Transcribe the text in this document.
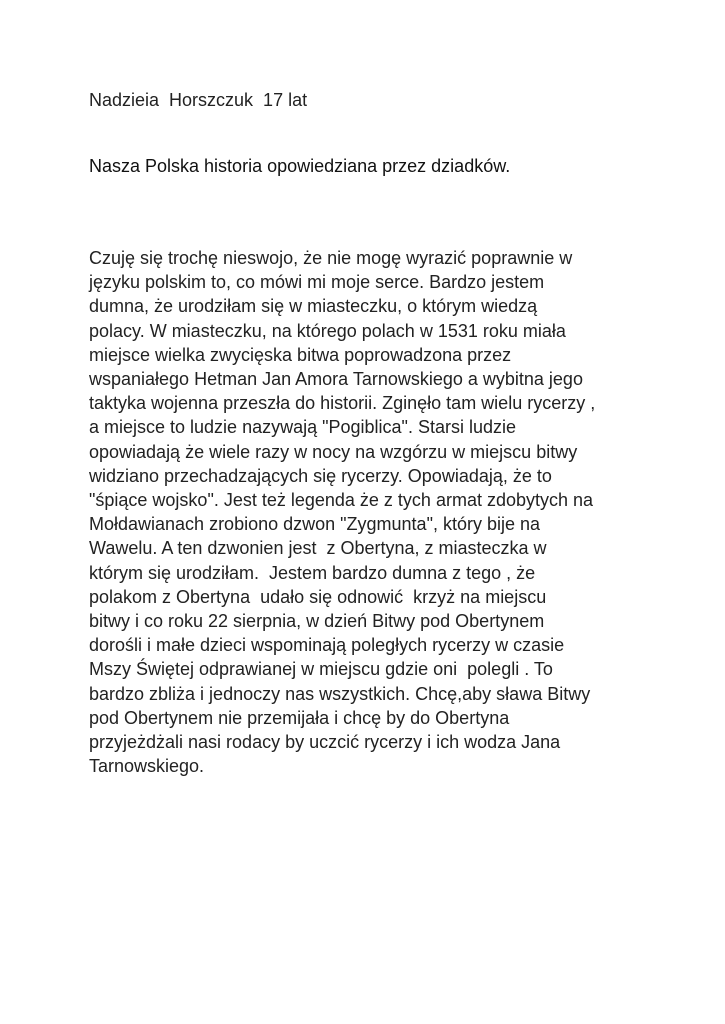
Nadzieia  Horszczuk  17 lat
Nasza Polska historia opowiedziana przez dziadków.
Czuję się trochę nieswojo, że nie mogę wyrazić poprawnie w
języku polskim to, co mówi mi moje serce. Bardzo jestem
dumna, że urodziłam się w miasteczku, o którym wiedzą
polacy. W miasteczku, na którego polach w 1531 roku miała
miejsce wielka zwycięska bitwa poprowadzona przez
wspaniałego Hetman Jan Amora Tarnowskiego a wybitna jego
taktyka wojenna przeszła do historii. Zginęło tam wielu rycerzy ,
a miejsce to ludzie nazywają "Pogiblica". Starsi ludzie
opowiadają że wiele razy w nocy na wzgórzu w miejscu bitwy
widziano przechadzających się rycerzy. Opowiadają, że to
"śpiące wojsko". Jest też legenda że z tych armat zdobytych na
Mołdawianach zrobiono dzwon "Zygmunta", który bije na
Wawelu. A ten dzwonien jest  z Obertyna, z miasteczka w
którym się urodziłam.  Jestem bardzo dumna z tego , że
polakom z Obertyna  udało się odnowić  krzyż na miejscu
bitwy i co roku 22 sierpnia, w dzień Bitwy pod Obertynem
dorośli i małe dzieci wspominają poległych rycerzy w czasie
Mszy Świętej odprawianej w miejscu gdzie oni  polegli . To
bardzo zbliża i jednoczy nas wszystkich. Chcę,aby sława Bitwy
pod Obertynem nie przemijała i chcę by do Obertyna
przyjeżdżali nasi rodacy by uczcić rycerzy i ich wodza Jana
Tarnowskiego.
